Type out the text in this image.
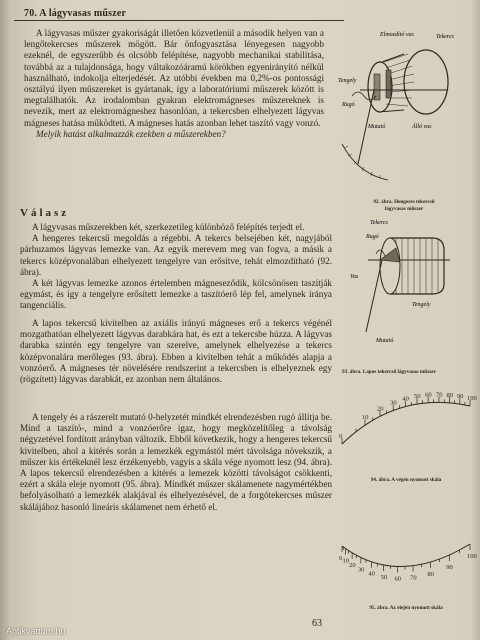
70. A lágyvasas műszer

A lágyvasas műszer gyakoriságát illetően közvetlenül a második helyen van a lengőtekercses műszerek mögött. Bár önfogyasztása lényegesen nagyobb ezeknél, de egyszerűbb és olcsóbb felépítése, nagyobb mechanikai stabilitása, továbbá az a tulajdonsága, hogy váltakozóáramú körökben egyenirányító nélkül használható, indokolja elterjedését. Az utóbbi években ma 0,2%-os pontossági osztályú ilyen műszereket is gyártanak, így a laboratóriumi műszerek között is megtalálhatók. Az irodalomban gyakran elektromágneses műszereknek is nevezik, mert az elektromágneshez hasonlóan, a tekercsben elhelyezett lágyvas mágneses hatása működteti. A mágneses hatás azonban lehet taszító vagy vonzó.

Melyik hatást alkalmazzák ezekben a műszerekben?

Elmozdító vas	Tekercs
Tengely
Rugó
Álló vas
Mutató
92. ábra. Hengeres tekercsű
lágyvasas műszer
Válasz

A lágyvasas műszerekben két, szerkezetileg különböző felépítés terjedt el.

A hengeres tekercsű megoldás a régebbi. A tekercs belsejében két, nagyjából párhuzamos lágyvas lemezke van. Az egyik merevem meg van fogva, a másik a tekercs középvonalában elhelyezett tengelyre van erősítve, tehát elmozdítható (92. ábra).

A két lágyvas lemezke azonos értelemben mágneseződik, kölcsönösen taszítják egymást, és így a tengelyre erősített lemezke a taszítóerő lép fel, amelynek iránya tangenciális.

A lapos tekercsű kivitelben az axiális irányú mágneses erő a tekercs végénél mozgathatóan elhelyezett lágyvas darabkára hat, és ezt a tekercsbe húzza. A lágyvas darabka szintén egy tengelyre van szerelve, amelynek elhelyezése a tekercs középvonalára merőleges (93. ábra). Ebben a kivitelben tehát a működés alapja a vonzóerő. A mágneses tér növelésére rendszerint a tekercsben is elhelyeznek egy (rögzített) lágyvas darabkát, ez azonban nem általános.

A tengely és a rászerelt mutató 0-helyzetét mindkét elrendezésben rugó állítja be. Mind a taszító-, mind a vonzóerőre igaz, hogy megközelítőleg a távolság négyzetével fordított arányban változik. Ebből következik, hogy a hengeres tekercsű kivitelben, ahol a kitérés során a lemezkék egymástól mért távolsága növekszik, a műszer kis értékeknél lesz érzékenyebb, vagyis a skála vége nyomott lesz (94. ábra). A lapos tekercsű elrendezésben a kitérés a lemezek közötti távolságot csökkenti, ezért a skála eleje nyomott (95. ábra). Mindkét műszer skálamenete nagymértékben befolyásolható a lemezkék alakjával és elhelyezésével, de a forgótekercses műszer skálájához hasonló lineáris skálamenet nem érhető el.

Tekercs
Rugó
Vas
Tengely
Mutató
93. ábra. Lapos tekercsű lágyvasas műszer
0
10
20
30
40 50 60 70 80 90 100
94. ábra. A végén nyomott skála
0 10
20
30
40 50 60 70
80
90
100
95. ábra. Az elején nyomott skála
63
Antikvarium.hu
